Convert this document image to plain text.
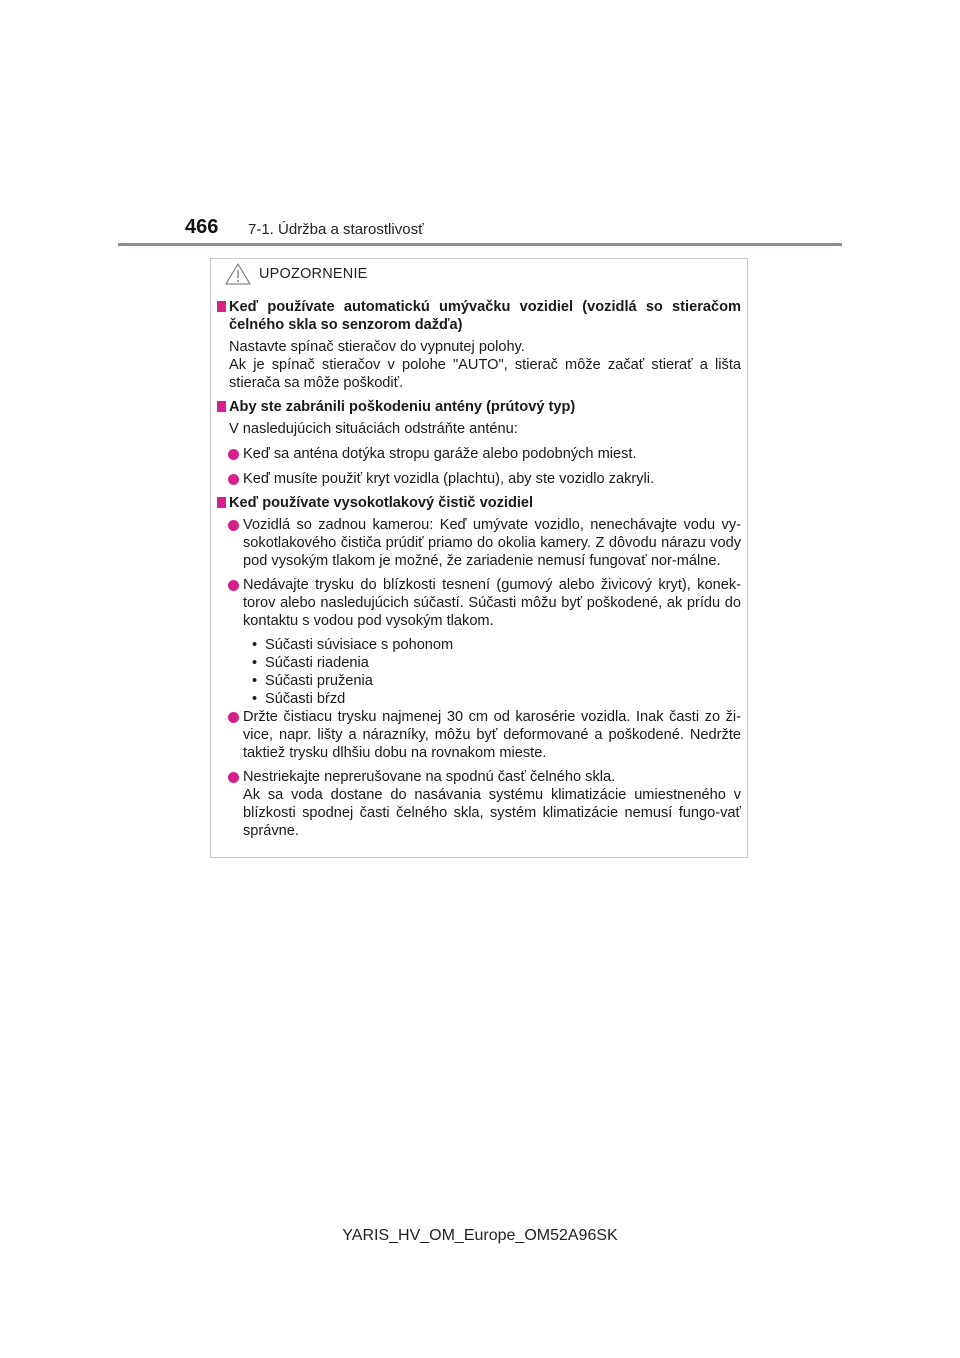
466 7-1. Údržba a starostlivosť
UPOZORNENIE
Keď používate automatickú umývačku vozidiel (vozidlá so stieračom čelného skla so senzorom dažďa)
Nastavte spínač stieračov do vypnutej polohy.
Ak je spínač stieračov v polohe "AUTO", stierač môže začať stierať a lišta stierača sa môže poškodiť.
Aby ste zabránili poškodeniu antény (prútový typ)
V nasledujúcich situáciách odstráňte anténu:
Keď sa anténa dotýka stropu garáže alebo podobných miest.
Keď musíte použiť kryt vozidla (plachtu), aby ste vozidlo zakryli.
Keď používate vysokotlakový čistič vozidiel
Vozidlá so zadnou kamerou: Keď umývate vozidlo, nenechávajte vodu vy-sokotlakového čističa prúdiť priamo do okolia kamery. Z dôvodu nárazu vody pod vysokým tlakom je možné, že zariadenie nemusí fungovať nor-málne.
Nedávajte trysku do blízkosti tesnení (gumový alebo živicový kryt), konek-torov alebo nasledujúcich súčastí. Súčasti môžu byť poškodené, ak prídu do kontaktu s vodou pod vysokým tlakom.
• Súčasti súvisiace s pohonom
• Súčasti riadenia
• Súčasti pruženia
• Súčasti bŕzd
Držte čistiacu trysku najmenej 30 cm od karosérie vozidla. Inak časti zo ži-vice, napr. lišty a nárazníky, môžu byť deformované a poškodené. Nedržte taktiež trysku dlhšiu dobu na rovnakom mieste.
Nestriekajte neprerušovane na spodnú časť čelného skla.
Ak sa voda dostane do nasávania systému klimatizácie umiestneného v blízkosti spodnej časti čelného skla, systém klimatizácie nemusí fungo-vať správne.
YARIS_HV_OM_Europe_OM52A96SK
